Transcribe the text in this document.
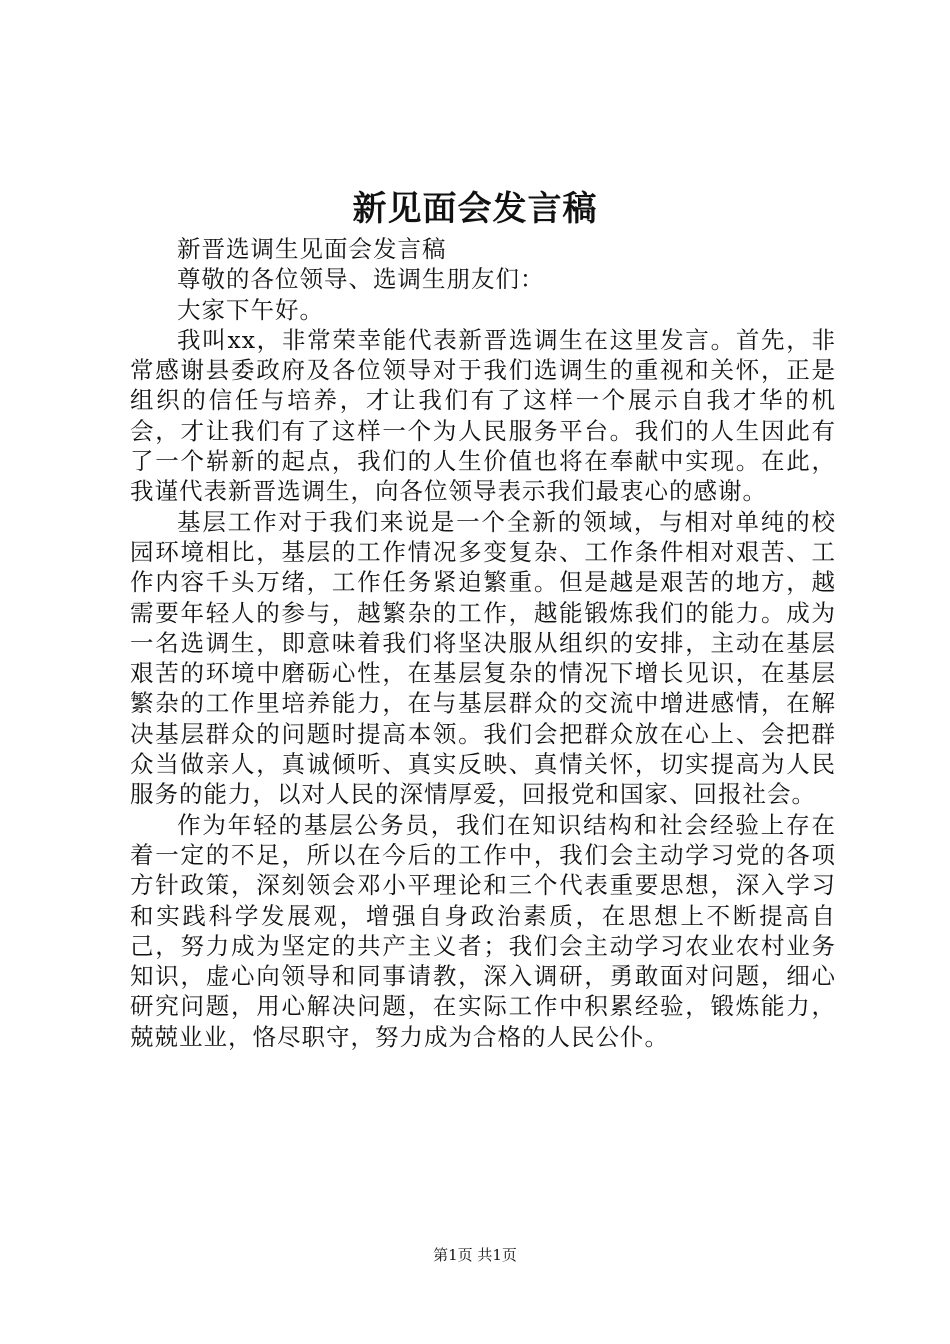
新见面会发言稿

新晋选调生见面会发言稿

尊敬的各位领导、选调生朋友们：

大家下午好。

我叫xx，非常荣幸能代表新晋选调生在这里发言。首先，非常感谢县委政府及各位领导对于我们选调生的重视和关怀，正是组织的信任与培养，才让我们有了这样一个展示自我才华的机会，才让我们有了这样一个为人民服务平台。我们的人生因此有了一个崭新的起点，我们的人生价值也将在奉献中实现。在此，我谨代表新晋选调生，向各位领导表示我们最衷心的感谢。

基层工作对于我们来说是一个全新的领域，与相对单纯的校园环境相比，基层的工作情况多变复杂、工作条件相对艰苦、工作内容千头万绪，工作任务紧迫繁重。但是越是艰苦的地方，越需要年轻人的参与，越繁杂的工作，越能锻炼我们的能力。成为一名选调生，即意味着我们将坚决服从组织的安排，主动在基层艰苦的环境中磨砺心性，在基层复杂的情况下增长见识，在基层繁杂的工作里培养能力，在与基层群众的交流中增进感情，在解决基层群众的问题时提高本领。我们会把群众放在心上、会把群众当做亲人，真诚倾听、真实反映、真情关怀，切实提高为人民服务的能力，以对人民的深情厚爱，回报党和国家、回报社会。

作为年轻的基层公务员，我们在知识结构和社会经验上存在着一定的不足，所以在今后的工作中，我们会主动学习党的各项方针政策，深刻领会邓小平理论和三个代表重要思想，深入学习和实践科学发展观，增强自身政治素质，在思想上不断提高自己，努力成为坚定的共产主义者；我们会主动学习农业农村业务知识，虚心向领导和同事请教，深入调研，勇敢面对问题，细心研究问题，用心解决问题，在实际工作中积累经验，锻炼能力，兢兢业业，恪尽职守，努力成为合格的人民公仆。

第1页 共1页
